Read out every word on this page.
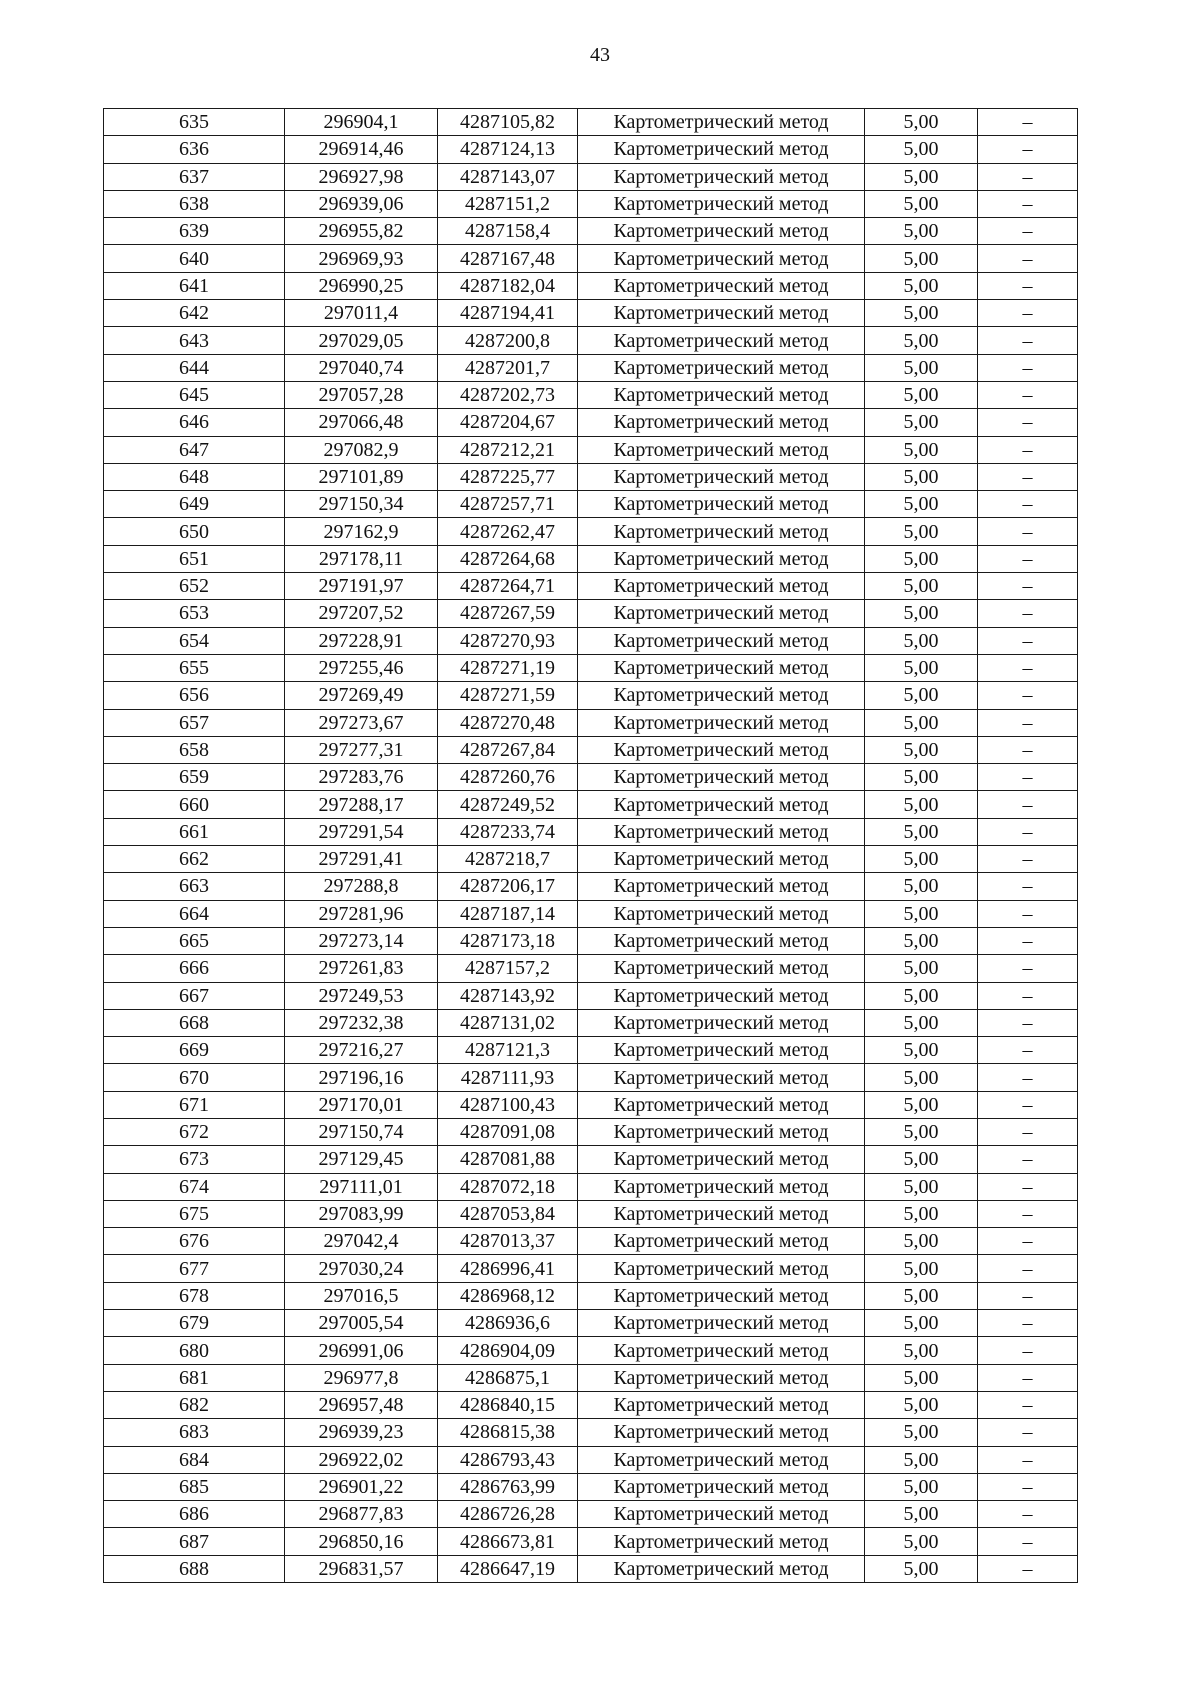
43
635	296904,1	4287105,82	Картометрический метод	5,00	–
636	296914,46	4287124,13	Картометрический метод	5,00	–
637	296927,98	4287143,07	Картометрический метод	5,00	–
638	296939,06	4287151,2	Картометрический метод	5,00	–
639	296955,82	4287158,4	Картометрический метод	5,00	–
640	296969,93	4287167,48	Картометрический метод	5,00	–
641	296990,25	4287182,04	Картометрический метод	5,00	–
642	297011,4	4287194,41	Картометрический метод	5,00	–
643	297029,05	4287200,8	Картометрический метод	5,00	–
644	297040,74	4287201,7	Картометрический метод	5,00	–
645	297057,28	4287202,73	Картометрический метод	5,00	–
646	297066,48	4287204,67	Картометрический метод	5,00	–
647	297082,9	4287212,21	Картометрический метод	5,00	–
648	297101,89	4287225,77	Картометрический метод	5,00	–
649	297150,34	4287257,71	Картометрический метод	5,00	–
650	297162,9	4287262,47	Картометрический метод	5,00	–
651	297178,11	4287264,68	Картометрический метод	5,00	–
652	297191,97	4287264,71	Картометрический метод	5,00	–
653	297207,52	4287267,59	Картометрический метод	5,00	–
654	297228,91	4287270,93	Картометрический метод	5,00	–
655	297255,46	4287271,19	Картометрический метод	5,00	–
656	297269,49	4287271,59	Картометрический метод	5,00	–
657	297273,67	4287270,48	Картометрический метод	5,00	–
658	297277,31	4287267,84	Картометрический метод	5,00	–
659	297283,76	4287260,76	Картометрический метод	5,00	–
660	297288,17	4287249,52	Картометрический метод	5,00	–
661	297291,54	4287233,74	Картометрический метод	5,00	–
662	297291,41	4287218,7	Картометрический метод	5,00	–
663	297288,8	4287206,17	Картометрический метод	5,00	–
664	297281,96	4287187,14	Картометрический метод	5,00	–
665	297273,14	4287173,18	Картометрический метод	5,00	–
666	297261,83	4287157,2	Картометрический метод	5,00	–
667	297249,53	4287143,92	Картометрический метод	5,00	–
668	297232,38	4287131,02	Картометрический метод	5,00	–
669	297216,27	4287121,3	Картометрический метод	5,00	–
670	297196,16	4287111,93	Картометрический метод	5,00	–
671	297170,01	4287100,43	Картометрический метод	5,00	–
672	297150,74	4287091,08	Картометрический метод	5,00	–
673	297129,45	4287081,88	Картометрический метод	5,00	–
674	297111,01	4287072,18	Картометрический метод	5,00	–
675	297083,99	4287053,84	Картометрический метод	5,00	–
676	297042,4	4287013,37	Картометрический метод	5,00	–
677	297030,24	4286996,41	Картометрический метод	5,00	–
678	297016,5	4286968,12	Картометрический метод	5,00	–
679	297005,54	4286936,6	Картометрический метод	5,00	–
680	296991,06	4286904,09	Картометрический метод	5,00	–
681	296977,8	4286875,1	Картометрический метод	5,00	–
682	296957,48	4286840,15	Картометрический метод	5,00	–
683	296939,23	4286815,38	Картометрический метод	5,00	–
684	296922,02	4286793,43	Картометрический метод	5,00	–
685	296901,22	4286763,99	Картометрический метод	5,00	–
686	296877,83	4286726,28	Картометрический метод	5,00	–
687	296850,16	4286673,81	Картометрический метод	5,00	–
688	296831,57	4286647,19	Картометрический метод	5,00	–
